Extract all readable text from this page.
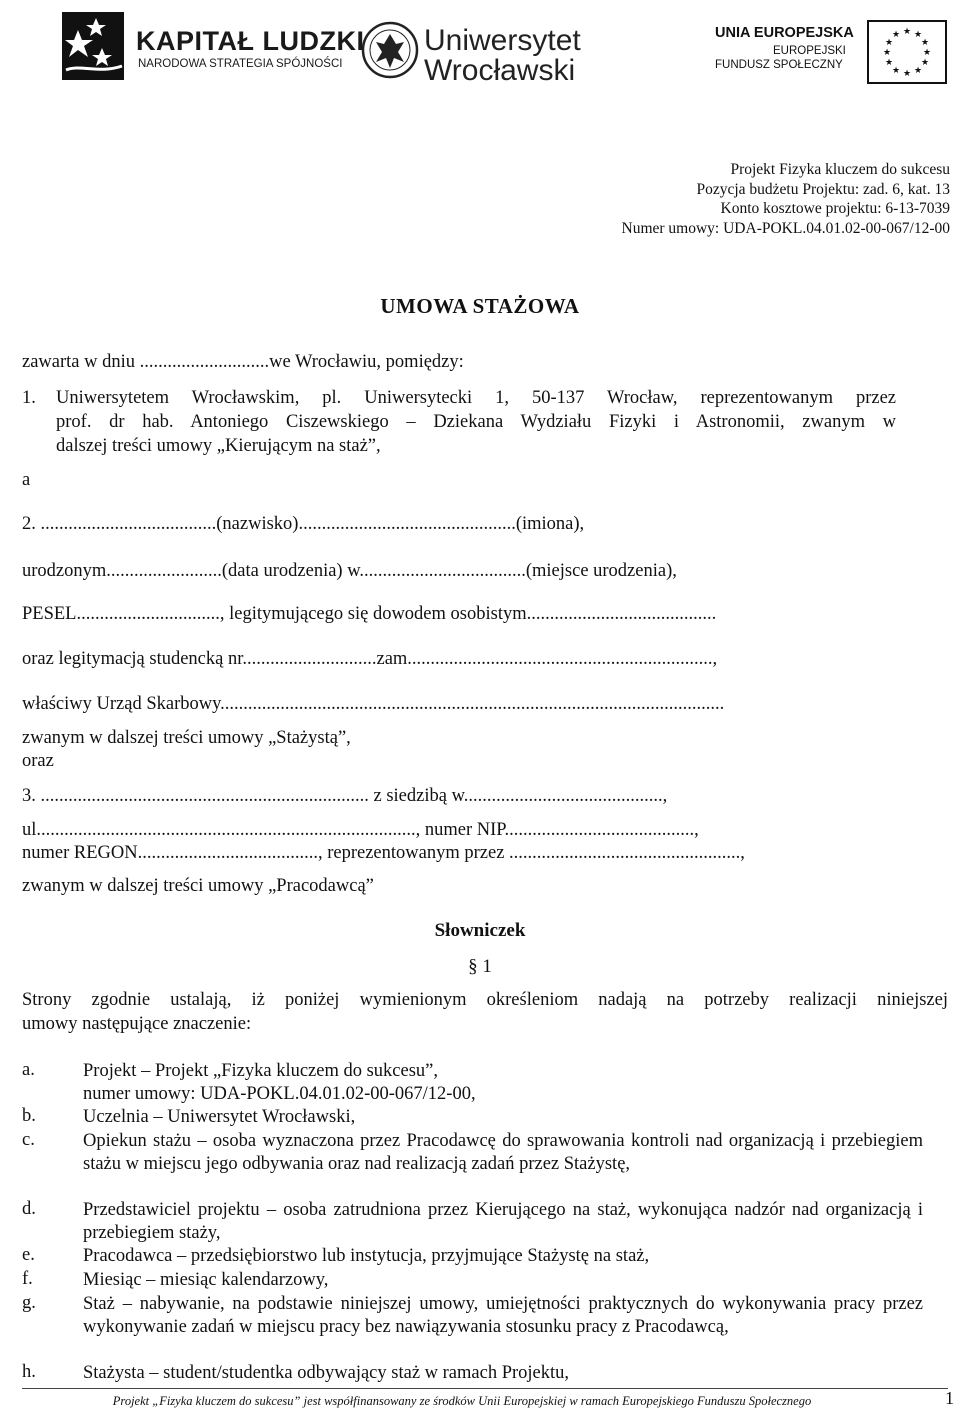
KAPITAŁ LUDZKI
NARODOWA STRATEGIA SPÓJNOŚCI
Uniwersytet
Wrocławski
UNIA EUROPEJSKA
EUROPEJSKI
FUNDUSZ SPOŁECZNY
★ ★
★
★
★
★
★
★
★
★
★
★
Projekt Fizyka kluczem do sukcesu
Pozycja budżetu Projektu: zad. 6, kat. 13
Konto kosztowe projektu: 6-13-7039
Numer umowy: UDA-POKL.04.01.02-00-067/12-00
UMOWA STAŻOWA
zawarta w dniu ............................we Wrocławiu, pomiędzy:
1. Uniwersytetem Wrocławskim, pl. Uniwersytecki 1, 50-137 Wrocław, reprezentowanym przez
prof. dr hab. Antoniego Ciszewskiego – Dziekana Wydziału Fizyki i Astronomii, zwanym w
dalszej treści umowy „Kierującym na staż”,
a
2. ......................................(nazwisko)...............................................(imiona),
urodzonym.........................(data urodzenia) w....................................(miejsce urodzenia),
PESEL..............................., legitymującego się dowodem osobistym.........................................
oraz legitymacją studencką nr.............................zam..................................................................,
właściwy Urząd Skarbowy.............................................................................................................
zwanym w dalszej treści umowy „Stażystą”,
oraz
3. ....................................................................... z siedzibą w...........................................,
ul.................................................................................., numer NIP.........................................,
numer REGON......................................., reprezentowanym przez ..................................................,
zwanym w dalszej treści umowy „Pracodawcą”
Słowniczek
§ 1
Strony zgodnie ustalają, iż poniżej wymienionym określeniom nadają na potrzeby realizacji niniejszej
umowy następujące znaczenie:
a.	Projekt – Projekt „Fizyka kluczem do sukcesu”,
numer umowy: UDA-POKL.04.01.02-00-067/12-00,
b.	Uczelnia – Uniwersytet Wrocławski,
c.	Opiekun stażu – osoba wyznaczona przez Pracodawcę do sprawowania kontroli nad organizacją i przebiegiem stażu w miejscu jego odbywania oraz nad realizacją zadań przez Stażystę,
d.	Przedstawiciel projektu – osoba zatrudniona przez Kierującego na staż, wykonująca nadzór nad organizacją i przebiegiem staży,
e.	Pracodawca – przedsiębiorstwo lub instytucja, przyjmujące Stażystę na staż,
f.	Miesiąc – miesiąc kalendarzowy,
g.	Staż – nabywanie, na podstawie niniejszej umowy, umiejętności praktycznych do wykonywania pracy przez wykonywanie zadań w miejscu pracy bez nawiązywania stosunku pracy z Pracodawcą,
h.	Stażysta – student/studentka odbywający staż w ramach Projektu,
Projekt „Fizyka kluczem do sukcesu” jest współfinansowany ze środków Unii Europejskiej w ramach Europejskiego Funduszu Społecznego	1
